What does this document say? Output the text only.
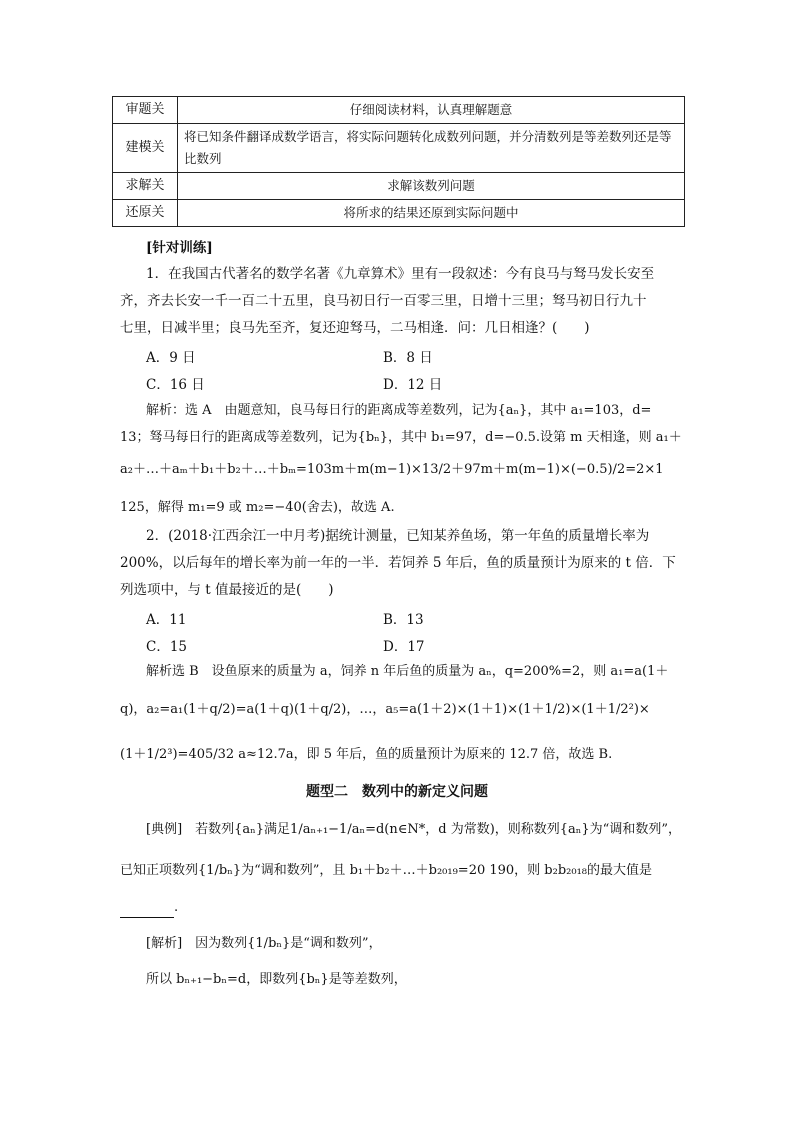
审题关	仔细阅读材料，认真理解题意
建模关	将已知条件翻译成数学语言，将实际问题转化成数列问题，并分清数列是等差数列还是等比数列
求解关	求解该数列问题
还原关	将所求的结果还原到实际问题中
[针对训练]
1．在我国古代著名的数学名著《九章算术》里有一段叙述：今有良马与驽马发长安至
齐，齐去长安一千一百二十五里，良马初日行一百零三里，日增十三里；驽马初日行九十
七里，日减半里；良马先至齐，复还迎驽马，二马相逢．问：几日相逢？(　　)
A．9 日	B．8 日
C．16 日	D．12 日
解析：选 A　由题意知，良马每日行的距离成等差数列，记为{aₙ}，其中 a₁=103，d=
13；驽马每日行的距离成等差数列，记为{bₙ}，其中 b₁=97，d=−0.5.设第 m 天相逢，则 a₁＋
a₂＋…＋aₘ＋b₁＋b₂＋…＋bₘ=103m＋m(m−1)×13/2＋97m＋m(m−1)×(−0.5)/2=2×1
125，解得 m₁=9 或 m₂=−40(舍去)，故选 A.
2．(2018·江西余江一中月考)据统计测量，已知某养鱼场，第一年鱼的质量增长率为
200%，以后每年的增长率为前一年的一半．若饲养 5 年后，鱼的质量预计为原来的 t 倍．下
列选项中，与 t 值最接近的是(　　)
A．11	B．13
C．15	D．17
解析选 B　设鱼原来的质量为 a，饲养 n 年后鱼的质量为 aₙ，q=200%=2，则 a₁=a(1＋
q)，a₂=a₁(1＋q/2)=a(1＋q)(1＋q/2)，…，a₅=a(1＋2)×(1＋1)×(1＋1/2)×(1＋1/2²)×
(1＋1/2³)=405/32 a≈12.7a，即 5 年后，鱼的质量预计为原来的 12.7 倍，故选 B.
题型二　数列中的新定义问题
[典例]　若数列{aₙ}满足1/aₙ₊₁−1/aₙ=d(n∈N*，d 为常数)，则称数列{aₙ}为“调和数列”，
已知正项数列{1/bₙ}为“调和数列”，且 b₁＋b₂＋…＋b₂₀₁₉=20 190，则 b₂b₂₀₁₈的最大值是
.
[解析]　因为数列{1/bₙ}是“调和数列”，
所以 bₙ₊₁−bₙ=d，即数列{bₙ}是等差数列，
